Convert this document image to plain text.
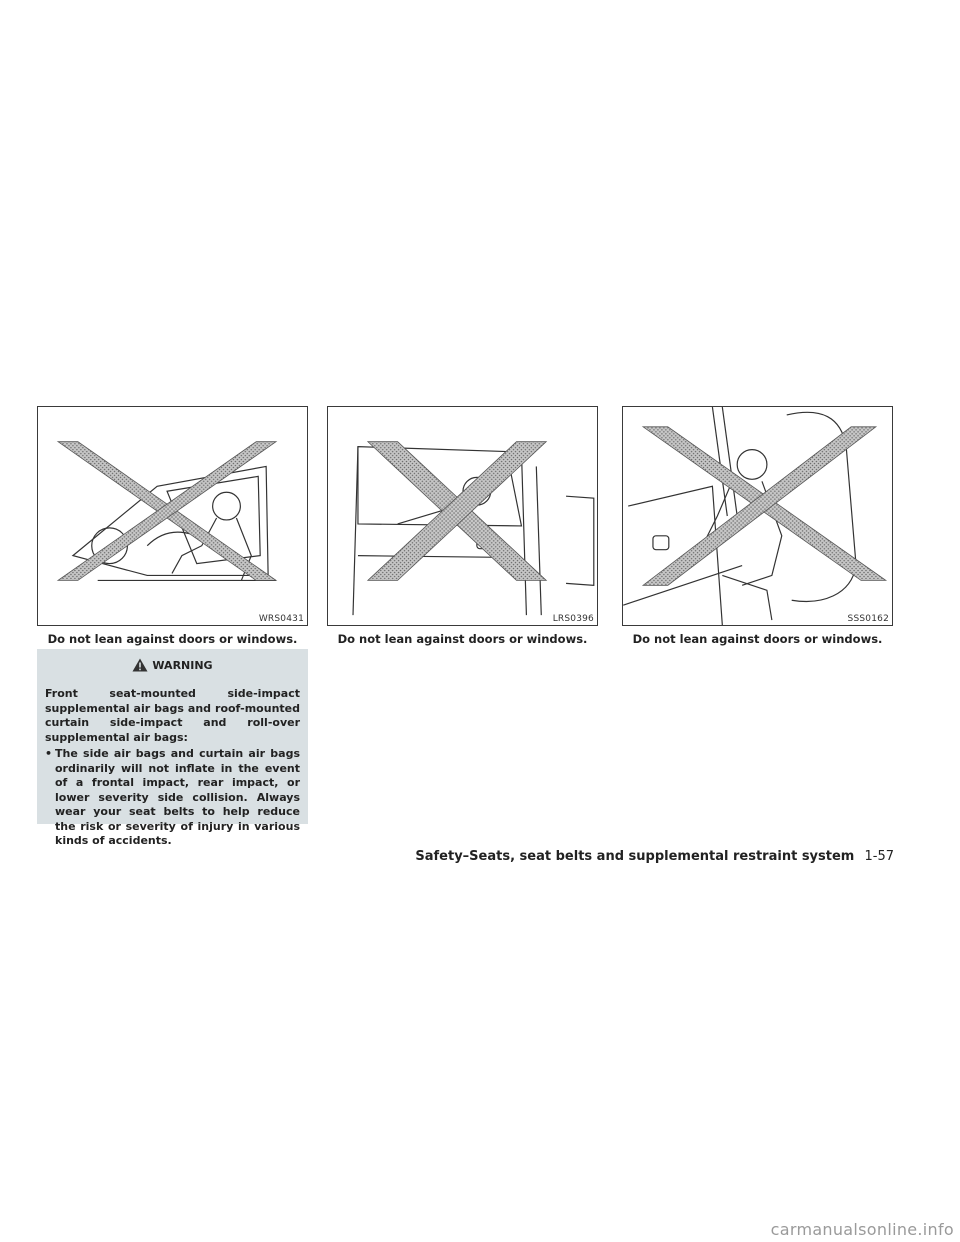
WRS0431
Do not lean against doors or windows.
LRS0396
Do not lean against doors or windows.
SSS0162
Do not lean against doors or windows.
WARNING
Front seat-mounted side-impact supplemental air bags and roof-mounted curtain side-impact and roll-over supplemental air bags:
• The side air bags and curtain air bags ordinarily will not inflate in the event of a frontal impact, rear impact, or lower severity side collision. Always wear your seat belts to help reduce the risk or severity of injury in various kinds of accidents.
Safety–Seats, seat belts and supplemental restraint system 1-57
carmanualsonline.info
